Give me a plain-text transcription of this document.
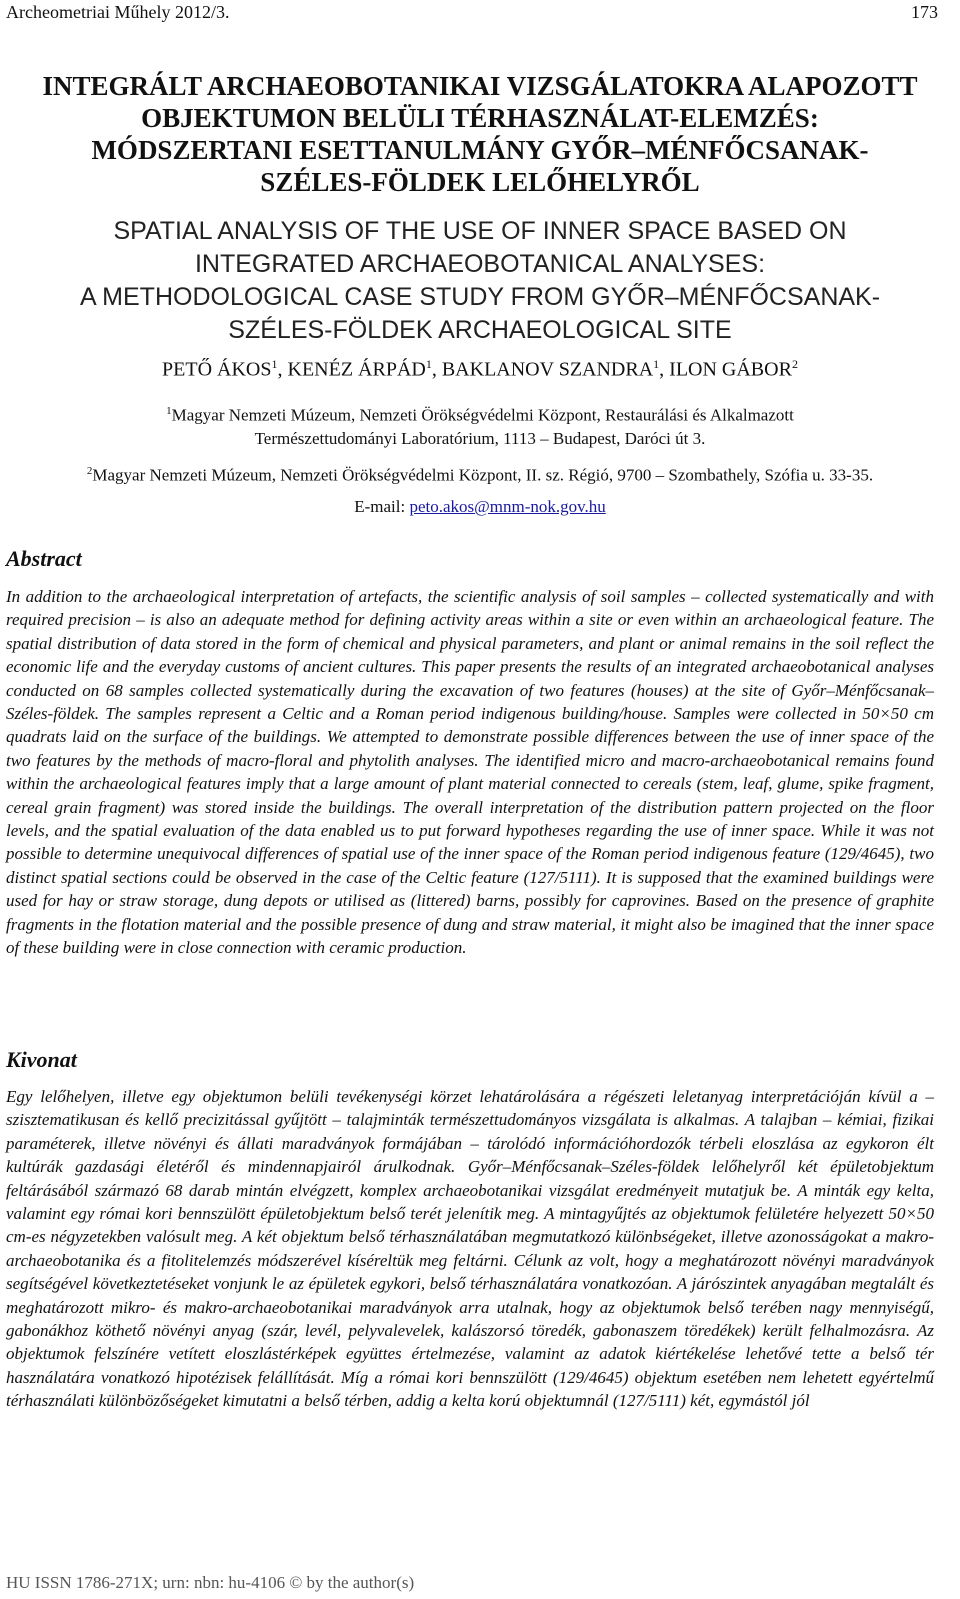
Archeometriai Műhely 2012/3.	173
INTEGRÁLT ARCHAEOBOTANIKAI VIZSGÁLATOKRA ALAPOZOTT
OBJEKTUMON BELÜLI TÉRHASZNÁLAT-ELEMZÉS:
MÓDSZERTANI ESETTANULMÁNY GYŐR–MÉNFŐCSANAK-
SZÉLES-FÖLDEK LELŐHELYRŐL
SPATIAL ANALYSIS OF THE USE OF INNER SPACE BASED ON
INTEGRATED ARCHAEOBOTANICAL ANALYSES:
A METHODOLOGICAL CASE STUDY FROM GYŐR–MÉNFŐCSANAK-
SZÉLES-FÖLDEK ARCHAEOLOGICAL SITE
PETŐ ÁKOS$^1$, KENÉZ ÁRPÁD$^1$, BAKLANOV SZANDRA$^1$, ILON GÁBOR$^2$
$^1$Magyar Nemzeti Múzeum, Nemzeti Örökségvédelmi Központ, Restaurálási és Alkalmazott
Természettudományi Laboratórium, 1113 – Budapest, Daróci út 3.
$^2$Magyar Nemzeti Múzeum, Nemzeti Örökségvédelmi Központ, II. sz. Régió, 9700 – Szombathely, Szófia u. 33-35.
E-mail: peto.akos@mnm-nok.gov.hu
Abstract

In addition to the archaeological interpretation of artefacts, the scientific analysis of soil samples – collected systematically and with required precision – is also an adequate method for defining activity areas within a site or even within an archaeological feature. The spatial distribution of data stored in the form of chemical and physical parameters, and plant or animal remains in the soil reflect the economic life and the everyday customs of ancient cultures. This paper presents the results of an integrated archaeobotanical analyses conducted on 68 samples collected systematically during the excavation of two features (houses) at the site of Győr–Ménfőcsanak–Széles-földek. The samples represent a Celtic and a Roman period indigenous building/house. Samples were collected in 50×50 cm quadrats laid on the surface of the buildings. We attempted to demonstrate possible differences between the use of inner space of the two features by the methods of macro-floral and phytolith analyses. The identified micro and macro-archaeobotanical remains found within the archaeological features imply that a large amount of plant material connected to cereals (stem, leaf, glume, spike fragment, cereal grain fragment) was stored inside the buildings. The overall interpretation of the distribution pattern projected on the floor levels, and the spatial evaluation of the data enabled us to put forward hypotheses regarding the use of inner space. While it was not possible to determine unequivocal differences of spatial use of the inner space of the Roman period indigenous feature (129/4645), two distinct spatial sections could be observed in the case of the Celtic feature (127/5111). It is supposed that the examined buildings were used for hay or straw storage, dung depots or utilised as (littered) barns, possibly for caprovines. Based on the presence of graphite fragments in the flotation material and the possible presence of dung and straw material, it might also be imagined that the inner space of these building were in close connection with ceramic production.

Kivonat

Egy lelőhelyen, illetve egy objektumon belüli tevékenységi körzet lehatárolására a régészeti leletanyag interpretációján kívül a – szisztematikusan és kellő precizitással gyűjtött – talajminták természettudományos vizsgálata is alkalmas. A talajban – kémiai, fizikai paraméterek, illetve növényi és állati maradványok formájában – tárolódó információhordozók térbeli eloszlása az egykoron élt kultúrák gazdasági életéről és mindennapjairól árulkodnak. Győr–Ménfőcsanak–Széles-földek lelőhelyről két épületobjektum feltárásából származó 68 darab mintán elvégzett, komplex archaeobotanikai vizsgálat eredményeit mutatjuk be. A minták egy kelta, valamint egy római kori bennszülött épületobjektum belső terét jelenítik meg. A mintagyűjtés az objektumok felületére helyezett 50×50 cm-es négyzetekben valósult meg. A két objektum belső térhasználatában megmutatkozó különbségeket, illetve azonosságokat a makro-archaeobotanika és a fitolitelemzés módszerével kíséreltük meg feltárni. Célunk az volt, hogy a meghatározott növényi maradványok segítségével következtetéseket vonjunk le az épületek egykori, belső térhasználatára vonatkozóan. A járószintek anyagában megtalált és meghatározott mikro- és makro-archaeobotanikai maradványok arra utalnak, hogy az objektumok belső terében nagy mennyiségű, gabonákhoz köthető növényi anyag (szár, levél, pelyvalevelek, kalászorsó töredék, gabonaszem töredékek) került felhalmozásra. Az objektumok felszínére vetített eloszlástérképek együttes értelmezése, valamint az adatok kiértékelése lehetővé tette a belső tér használatára vonatkozó hipotézisek felállítását. Míg a római kori bennszülött (129/4645) objektum esetében nem lehetett egyértelmű térhasználati különbözőségeket kimutatni a belső térben, addig a kelta korú objektumnál (127/5111) két, egymástól jól

HU ISSN 1786-271X; urn: nbn: hu-4106 © by the author(s)
